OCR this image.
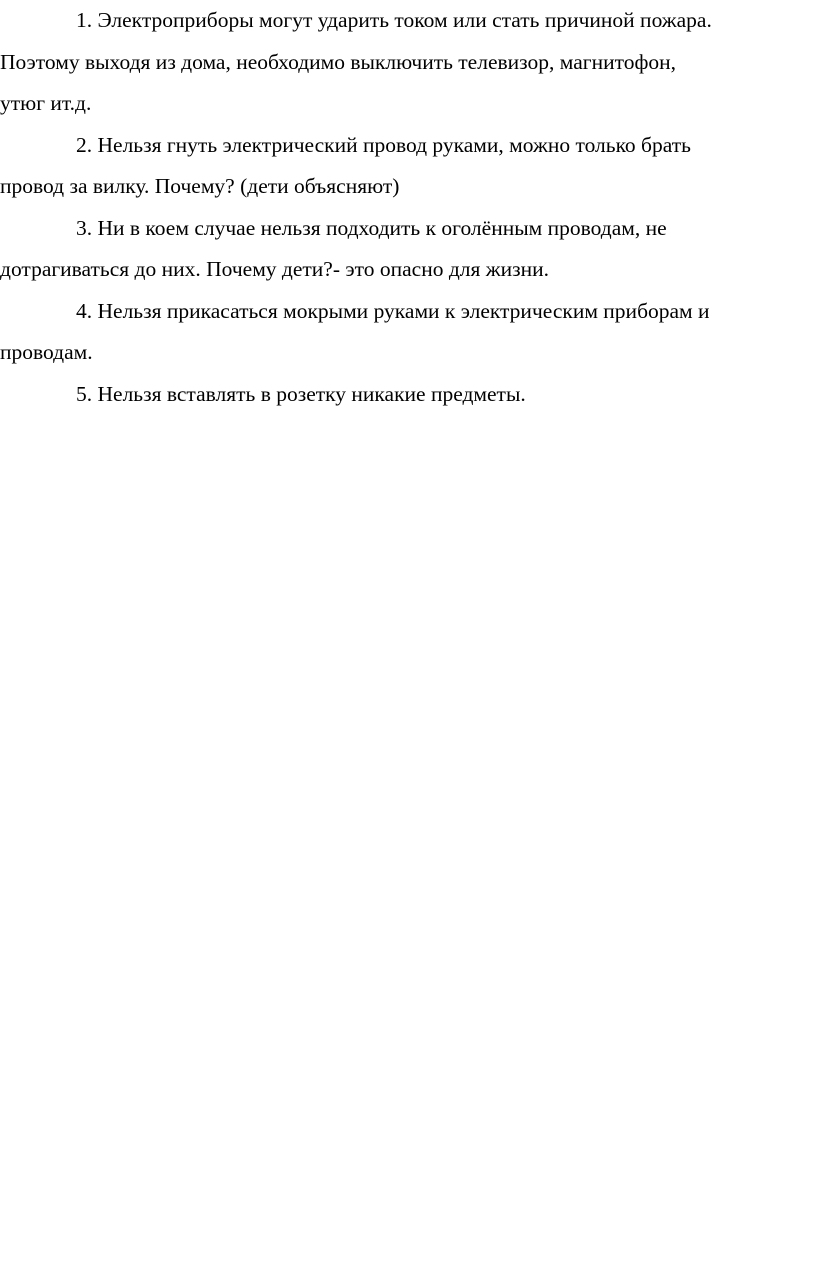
1. Электроприборы могут ударить током или стать причиной пожара.
Поэтому выходя из дома, необходимо выключить телевизор, магнитофон,
утюг ит.д.
2. Нельзя гнуть электрический провод руками, можно только брать
провод за вилку. Почему? (дети объясняют)
3. Ни в коем случае нельзя подходить к оголённым проводам, не
дотрагиваться до них. Почему дети?- это опасно для жизни.
4. Нельзя прикасаться мокрыми руками к электрическим приборам и
проводам.
5. Нельзя вставлять в розетку никакие предметы.
